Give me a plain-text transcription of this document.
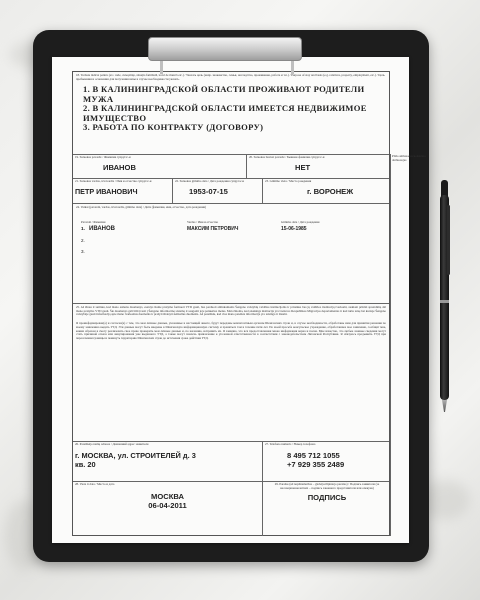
18. Trebuie indicat pentru (ex.: rude, cunoştinţe, situaţia familială, locul de muncă etc.) / Указать цель (напр. знакомство, семья, наследство, проживание, работа и т.п.) / Purpose of stay and basis (e.g. relatives, property, employment, etc.) / Цель пребывания и основания для получения визы в случае необходимости указать.
1. В КАЛИНИНГРАДСКОЙ ОБЛАСТИ ПРОЖИВАЮТ РОДИТЕЛИ МУЖА
2. В КАЛИНИНГРАДСКОЙ ОБЛАСТИ ИМЕЕТСЯ НЕДВИЖИМОЕ ИМУЩЕСТВО
3. РАБОТА ПО КОНТРАКТУ (ДОГОВОРУ)
19. Sutuokas pavardė / Фамилия супруга/-и
ИВАНОВ
20. Sutuokas buvusi pavardė / Бывшая фамилия супруга/-и
НЕТ
21. Sutuokas vardas, tėvavardis / Имя и отчество супруга/-и
ПЕТР ИВАНОВИЧ
22. Sutuokas gimimo data / Дата рождения супруга/-и
1953-07-15
23. Gimimo vieta / Место рождения
г. ВОРОНЕЖ
24. Vaikai (pavardė, vardas, tėvavardis, gimimo data) / Дети (фамилия, имя, отчество, дата рождения)
Pavardė / Фамилия	Vardas / Имя и отчество	Gimimo data / Дата рождения
1. ИВАНОВ	МАКСИМ ПЕТРОВИЧ	15-06-1985
2.
3.
25. Aš žinau ir sutinku, kad mano asmens duomenys, esantys šiame prašyme formuoti VTD gauti, bus perduoti atitinkamoms Šengeno valstybių valdžios institucijoms ir prireikus bus jų valdžios institucijų tvarkomi, siekiant priimti sprendimą dėl mano prašymo VTD gauti. Šie duomenys gali būti įvesti į Šengeno informacinę sistemą ir saugomi joje penkerius metus. Man žinoma, kad atsakinga institucija yra Lietuvos Respublikos Migracijos departamentas ir kad turiu teisę bet kurioje Šengeno valstybėje gauti informaciją apie mane tvarkomus duomenis ir prašyti ištaisyti netikslius duomenis. Aš pareiškiu, kad visa mano pateikta informacija yra teisinga ir išsami.
Я проинформирован(а) и согласен(а) с тем, что мои личные данные, указанные в настоящей анкете, будут переданы компетентным органам Шенгенских стран и, в случае необходимости, обработаны ими для принятия решения по моему заявлению выдать УТД. Эти данные могут быть введены в Шенгенскую информационную систему и храниться там в течение пяти лет. По моей просьбе консульское учреждение, обработавшее мое заявление, сообщит мне, каким образом я смогу реализовать свое право проверить мои личные данные и, по желанию, исправить их. Я заявляю, что вся предоставленная мною информация верна и полна. Мне известно, что любые ложные сведения могут стать причиной отказа или аннулирования уже выданного УТД, а также могут повлечь привлечение к уголовной ответственности в соответствии с законодательством Литовской Республики. Я обязуюсь предъявить УТД при пересечении границы и покинуть территорию Шенгенских стран до истечения срока действия УТД.
26. Pareiškėjo namų adresas / Домашний адрес заявителя
г. МОСКВА, ул. СТРОИТЕЛЕЙ д. 3
кв. 20
27. Telefono numeris / Номер телефона
8 495 712 1055
+7 929 355 2489
28. Vieta ir data / Место и дата
МОСКВА
06-04-2011
29. Parašas (už nepilnamečius – globėjo/rūpintojo parašas) / Подпись заявителя (за несовершеннолетних – подпись законного представителя или опекуна)
ПОДПИСЬ
Pildo ambasados konsulato darbuotojas
